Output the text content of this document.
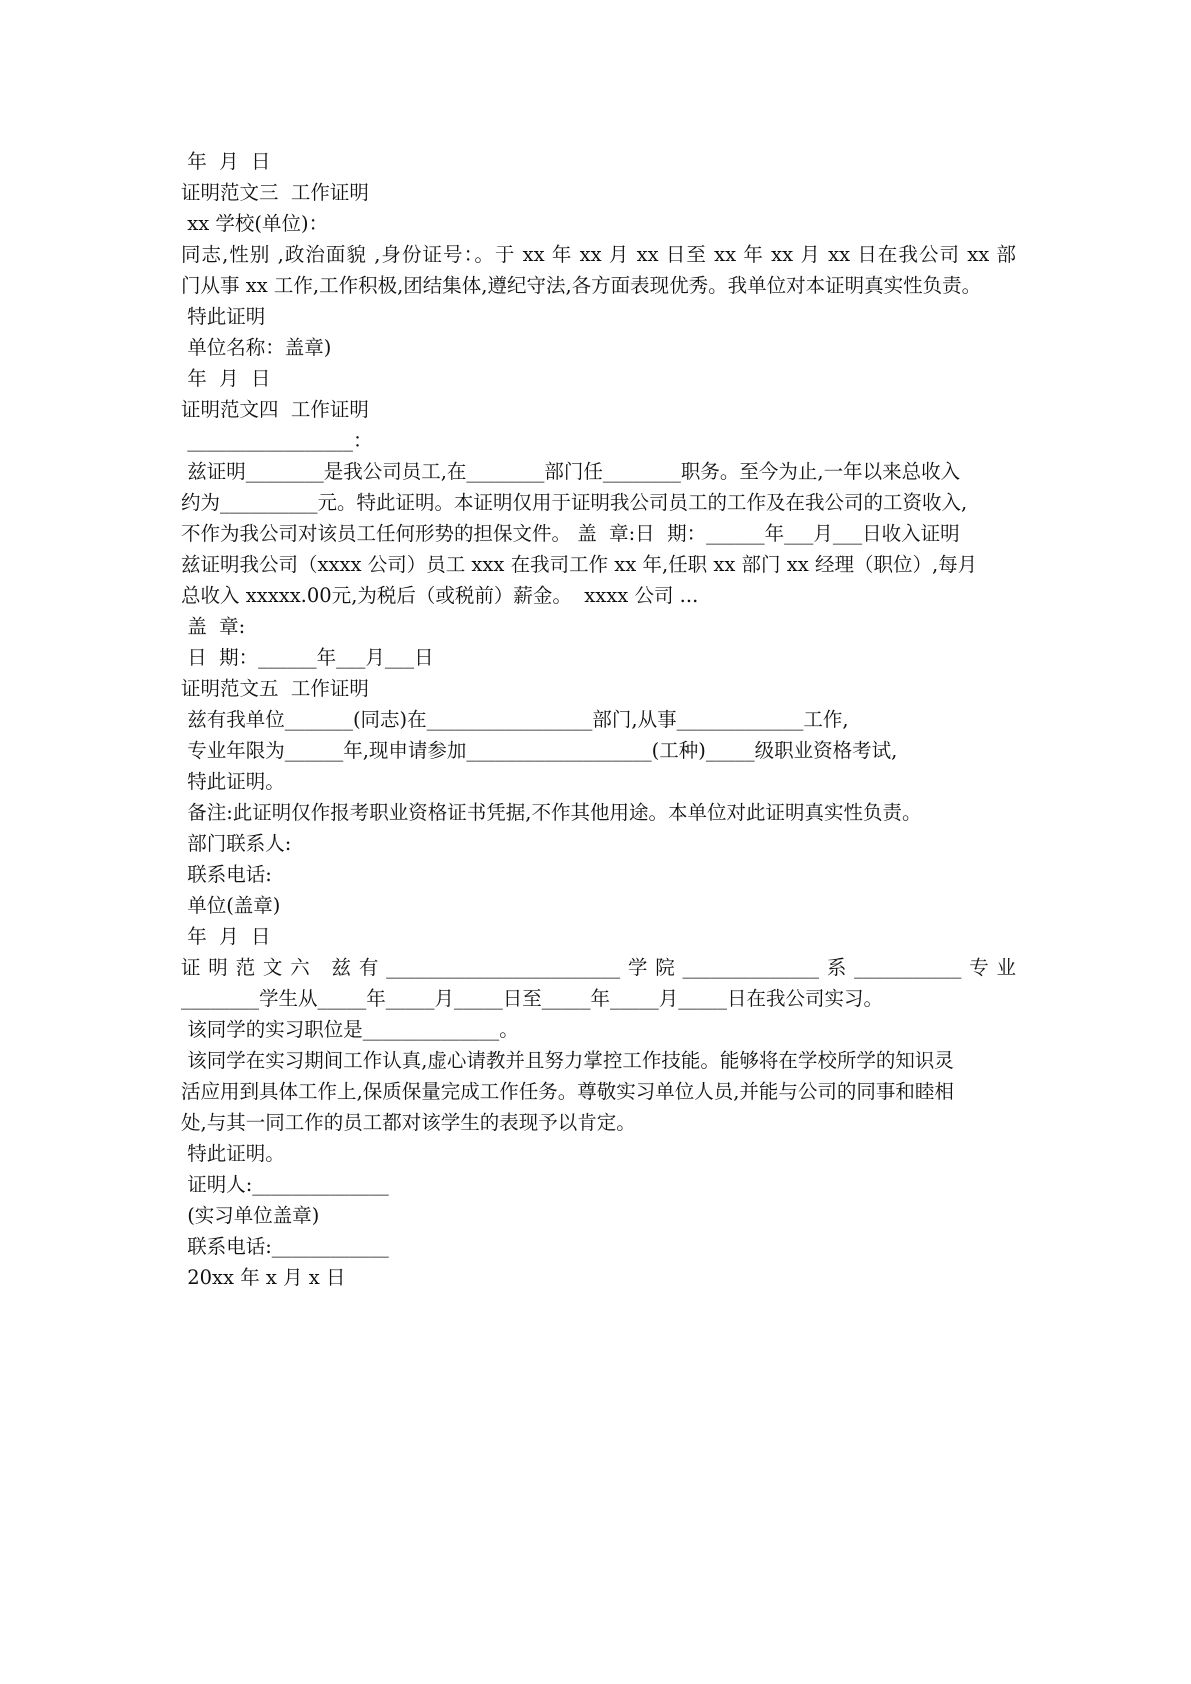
年  月  日
证明范文三  工作证明
xx 学校(单位)：
同志,性别 ,政治面貌 ,身份证号：。于 xx 年 xx 月 xx 日至 xx 年 xx 月 xx 日在我公司 xx 部
门从事 xx 工作,工作积极,团结集体,遵纪守法,各方面表现优秀。我单位对本证明真实性负责。
特此证明
单位名称：盖章)
年  月  日
证明范文四  工作证明
_________________：
兹证明________是我公司员工,在________部门任________职务。至今为止,一年以来总收入
约为__________元。特此证明。本证明仅用于证明我公司员工的工作及在我公司的工资收入,
不作为我公司对该员工任何形势的担保文件。 盖  章:日  期：______年___月___日收入证明
兹证明我公司（xxxx 公司）员工 xxx 在我司工作 xx 年,任职 xx 部门 xx 经理（职位）,每月
总收入 xxxxx.00元,为税后（或税前）薪金。  xxxx 公司 ...
盖  章:
日  期：______年___月___日
证明范文五  工作证明
兹有我单位_______(同志)在_________________部门,从事_____________工作,
专业年限为______年,现申请参加___________________(工种)_____级职业资格考试,
特此证明。
备注:此证明仅作报考职业资格证书凭据,不作其他用途。本单位对此证明真实性负责。
部门联系人:
联系电话:
单位(盖章)
年  月  日
证明范文六 兹有________________________学院______________系___________专业
________学生从_____年_____月_____日至_____年_____月_____日在我公司实习。
该同学的实习职位是______________。
该同学在实习期间工作认真,虚心请教并且努力掌控工作技能。能够将在学校所学的知识灵
活应用到具体工作上,保质保量完成工作任务。尊敬实习单位人员,并能与公司的同事和睦相
处,与其一同工作的员工都对该学生的表现予以肯定。
特此证明。
证明人:______________
(实习单位盖章)
联系电话:____________
20xx 年 x 月 x 日
